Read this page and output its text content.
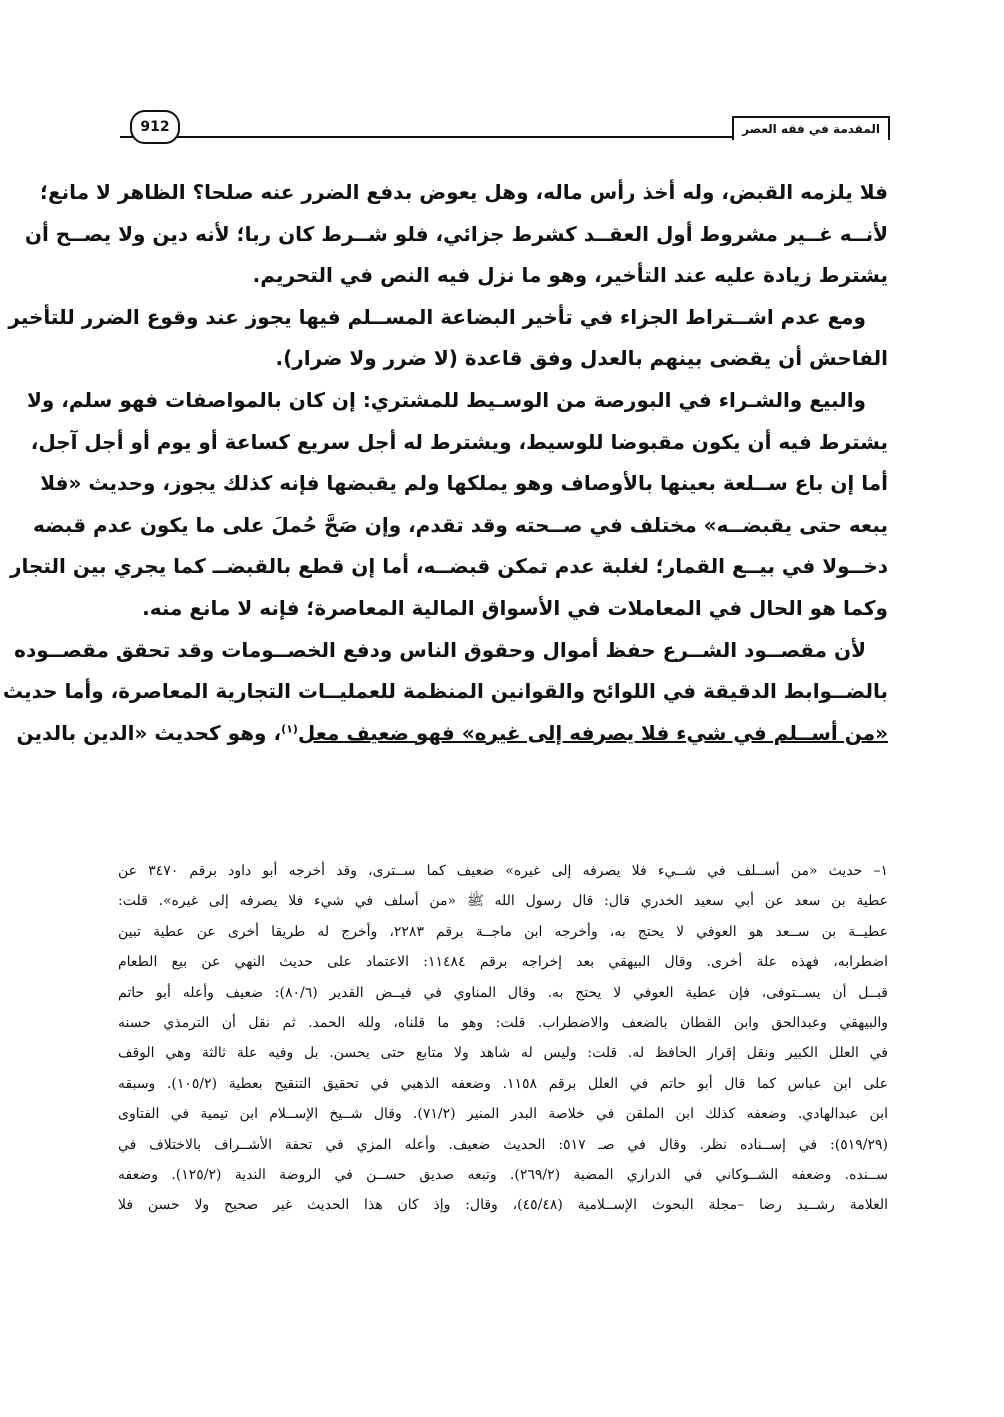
المقدمة في فقه العصر
912

فلا يلزمه القبض، وله أخذ رأس ماله، وهل يعوض بدفع الضرر عنه صلحا؟ الظاهر لا مانع؛

لأنــه غــير مشروط أول العقــد كشرط جزائي، فلو شــرط كان ربا؛ لأنه دين ولا يصــح أن

يشترط زيادة عليه عند التأخير، وهو ما نزل فيه النص في التحريم.

ومع عدم اشــتراط الجزاء في تأخير البضاعة المســلم فيها يجوز عند وقوع الضرر للتأخير

الفاحش أن يقضى بينهم بالعدل وفق قاعدة (لا ضرر ولا ضرار).

والبيع والشـراء في البورصة من الوسـيط للمشتري: إن كان بالمواصفات فهو سلم، ولا

يشترط فيه أن يكون مقبوضا للوسيط، ويشترط له أجل سريع كساعة أو يوم أو أجل آجل،

أما إن باع ســلعة بعينها بالأوصاف وهو يملكها ولم يقبضها فإنه كذلك يجوز، وحديث «فلا

يبعه حتى يقبضــه» مختلف في صــحته وقد تقدم، وإن صَحَّ حُملَ على ما يكون عدم قبضه

دخــولا في بيــع القمار؛ لغلبة عدم تمكن قبضــه، أما إن قطع بالقبضــ كما يجري بين التجار

وكما هو الحال في المعاملات في الأسواق المالية المعاصرة؛ فإنه لا مانع منه.

لأن مقصــود الشــرع حفظ أموال وحقوق الناس ودفع الخصــومات وقد تحقق مقصــوده

بالضــوابط الدقيقة في اللوائح والقوانين المنظمة للعمليــات التجارية المعاصرة، وأما حديث

«من أســلم في شيء فلا يصرفه إلى غيره» فهو ضعيف معل$^{(١)}$، وهو كحديث «الدين بالدين

١– حديث «من أســلف في شــيء فلا يصرفه إلى غيره» ضعيف كما ســترى، وقد أخرجه أبو داود برقم ٣٤٧٠ عن

عطية بن سعد عن أبي سعيد الخدري قال: قال رسول الله ﷺ «من أسلف في شيء فلا يصرفه إلى غيره». قلت:

عطيــة بن ســعد هو العوفي لا يحتج به، وأخرجه ابن ماجــة برقم ٢٢٨٣، وأخرج له طريقا أخرى عن عطية تبين

اضطرابه، فهذه علة أخرى. وقال البيهقي بعد إخراجه برقم ١١٤٨٤: الاعتماد على حديث النهي عن بيع الطعام

قبــل أن يســتوفى، فإن عطية العوفي لا يحتج به. وقال المناوي في فيــض القدير (٨٠/٦): ضعيف وأعله أبو حاتم

والبيهقي وعبدالحق وابن القطان بالضعف والاضطراب. قلت: وهو ما قلناه، ولله الحمد. ثم نقل أن الترمذي حسنه

في العلل الكبير ونقل إقرار الحافظ له. قلت: وليس له شاهد ولا متابع حتى يحسن. بل وفيه علة ثالثة وهي الوقف

على ابن عباس كما قال أبو حاتم في العلل برقم ١١٥٨. وضعفه الذهبي في تحقيق التنقيح بعطية (١٠٥/٢). وسبقه

ابن عبدالهادي. وضعفه كذلك ابن الملقن في خلاصة البدر المنير (٧١/٢). وقال شــيخ الإســلام ابن تيمية في الفتاوى

(٥١٩/٢٩): في إســناده نظر. وقال في صـ ٥١٧: الحديث ضعيف. وأعله المزي في تحفة الأشــراف بالاختلاف في

ســنده. وضعفه الشــوكاني في الدراري المضية (٢٦٩/٢). وتبعه صديق حســن في الروضة الندية (١٢٥/٢). وضعفه

العلامة رشــيد رضا –مجلة البحوث الإســلامية (٤٥/٤٨)، وقال: وإذ كان هذا الحديث غير صحيح ولا حسن فلا
